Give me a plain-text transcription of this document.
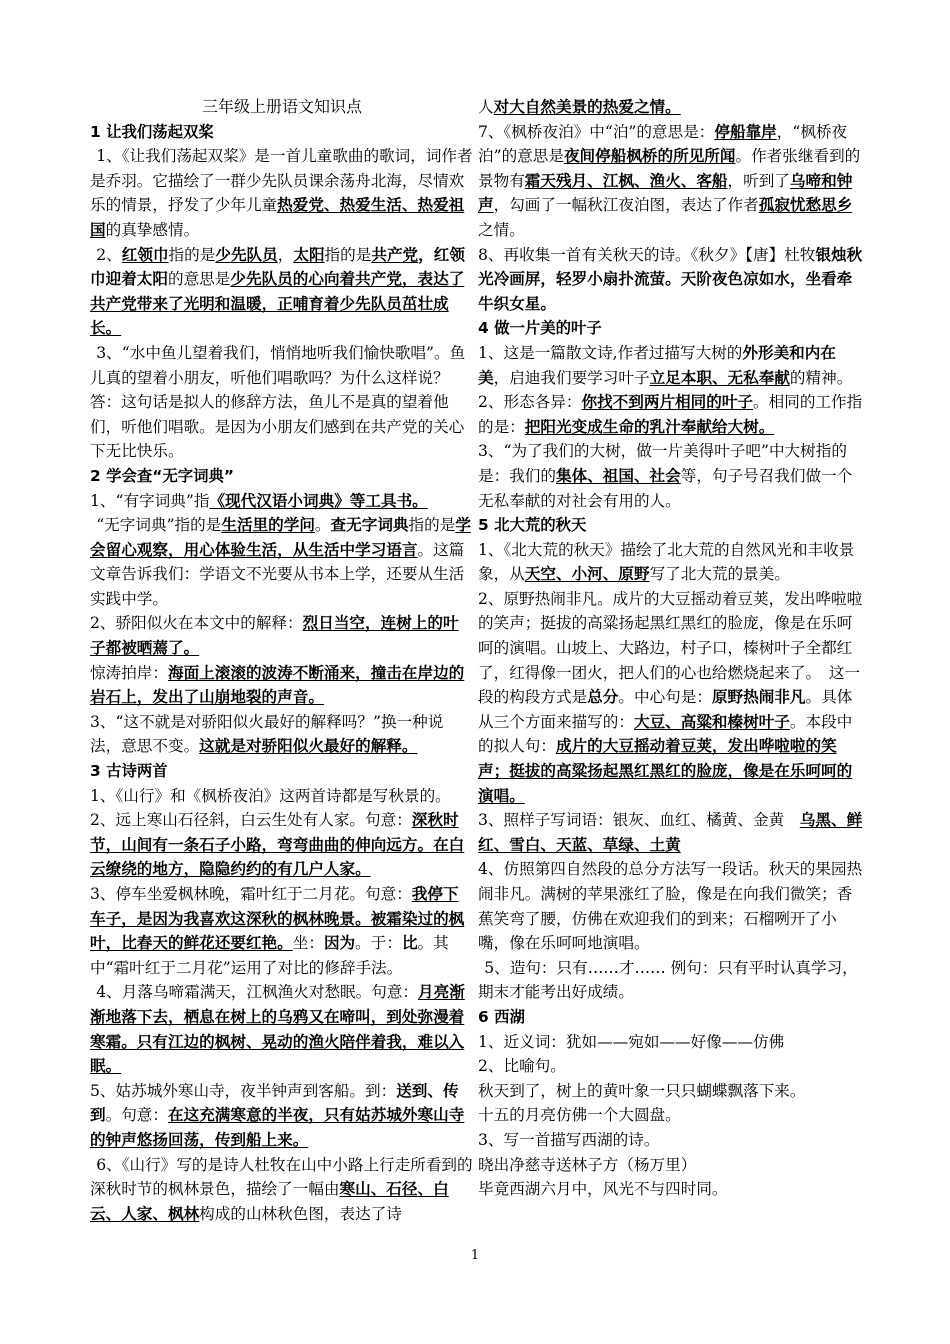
三年级上册语文知识点

1 让我们荡起双桨

1、《让我们荡起双桨》是一首儿童歌曲的歌词，词作者是乔羽。它描绘了一群少先队员课余荡舟北海，尽情欢乐的情景，抒发了少年儿童热爱党、热爱生活、热爱祖国的真挚感情。

2、红领巾指的是少先队员，太阳指的是共产党，红领巾迎着太阳的意思是少先队员的心向着共产党，表达了共产党带来了光明和温暖，正哺育着少先队员茁壮成长。

3、“水中鱼儿望着我们，悄悄地听我们愉快歌唱”。鱼儿真的望着小朋友，听他们唱歌吗？为什么这样说？答：这句话是拟人的修辞方法，鱼儿不是真的望着他们，听他们唱歌。是因为小朋友们感到在共产党的关心下无比快乐。

2 学会查“无字词典”

1、“有字词典”指《现代汉语小词典》等工具书。

“无字词典”指的是生活里的学问。查无字词典指的是学会留心观察，用心体验生活，从生活中学习语言。这篇文章告诉我们：学语文不光要从书本上学，还要从生活实践中学。

2、骄阳似火在本文中的解释：烈日当空，连树上的叶子都被晒蔫了。

惊涛拍岸：海面上滚滚的波涛不断涌来，撞击在岸边的岩石上，发出了山崩地裂的声音。

3、“这不就是对骄阳似火最好的解释吗？”换一种说法，意思不变。这就是对骄阳似火最好的解释。

3 古诗两首

1、《山行》和《枫桥夜泊》这两首诗都是写秋景的。

2、远上寒山石径斜，白云生处有人家。句意：深秋时节，山间有一条石子小路，弯弯曲曲的伸向远方。在白云缭绕的地方，隐隐约约的有几户人家。

3、停车坐爱枫林晚，霜叶红于二月花。句意：我停下车子，是因为我喜欢这深秋的枫林晚景。被霜染过的枫叶，比春天的鲜花还要红艳。坐：因为。于：比。其中“霜叶红于二月花”运用了对比的修辞手法。

4、月落乌啼霜满天，江枫渔火对愁眠。句意：月亮渐渐地落下去，栖息在树上的乌鸦又在啼叫，到处弥漫着寒霜。只有江边的枫树、晃动的渔火陪伴着我，难以入眠。

5、姑苏城外寒山寺，夜半钟声到客船。到：送到、传到。句意：在这充满寒意的半夜，只有姑苏城外寒山寺的钟声悠扬回荡，传到船上来。

6、《山行》写的是诗人杜牧在山中小路上行走所看到的深秋时节的枫林景色，描绘了一幅由寒山、石径、白云、人家、枫林构成的山林秋色图，表达了诗

人对大自然美景的热爱之情。

7、《枫桥夜泊》中“泊”的意思是：停船靠岸，“枫桥夜泊”的意思是夜间停船枫桥的所见所闻。作者张继看到的景物有霜天残月、江枫、渔火、客船，听到了乌啼和钟声，勾画了一幅秋江夜泊图，表达了作者孤寂忧愁思乡之情。

8、再收集一首有关秋天的诗。《秋夕》【唐】杜牧银烛秋光冷画屏，轻罗小扇扑流萤。天阶夜色凉如水，坐看牵牛织女星。

4 做一片美的叶子

1、这是一篇散文诗,作者过描写大树的外形美和内在美，启迪我们要学习叶子立足本职、无私奉献的精神。

2、形态各异：你找不到两片相同的叶子。相同的工作指的是：把阳光变成生命的乳汁奉献给大树。

3、“为了我们的大树，做一片美得叶子吧”中大树指的是：我们的集体、祖国、社会等，句子号召我们做一个无私奉献的对社会有用的人。

5 北大荒的秋天

1、《北大荒的秋天》描绘了北大荒的自然风光和丰收景象，从天空、小河、原野写了北大荒的景美。

2、原野热闹非凡。成片的大豆摇动着豆荚，发出哗啦啦的笑声；挺拔的高粱扬起黑红黑红的脸庞，像是在乐呵呵的演唱。山坡上、大路边，村子口，榛树叶子全都红了，红得像一团火，把人们的心也给燃烧起来了。　这一段的构段方式是总分。中心句是：原野热闹非凡。具体从三个方面来描写的：大豆、高粱和榛树叶子。本段中的拟人句：成片的大豆摇动着豆荚，发出哗啦啦的笑声；挺拔的高粱扬起黑红黑红的脸庞，像是在乐呵呵的演唱。

3、照样子写词语：银灰、血红、橘黄、金黄　乌黑、鲜红、雪白、天蓝、草绿、土黄

4、仿照第四自然段的总分方法写一段话。秋天的果园热闹非凡。满树的苹果涨红了脸，像是在向我们微笑；香蕉笑弯了腰，仿佛在欢迎我们的到来；石榴咧开了小嘴，像在乐呵呵地演唱。

5、造句：只有……才…… 例句：只有平时认真学习，期末才能考出好成绩。

6 西湖

1、近义词：犹如——宛如——好像——仿佛

2、比喻句。

秋天到了，树上的黄叶象一只只蝴蝶飘落下来。

十五的月亮仿佛一个大圆盘。

3、写一首描写西湖的诗。

晓出净慈寺送林子方（杨万里）

毕竟西湖六月中，风光不与四时同。

1
